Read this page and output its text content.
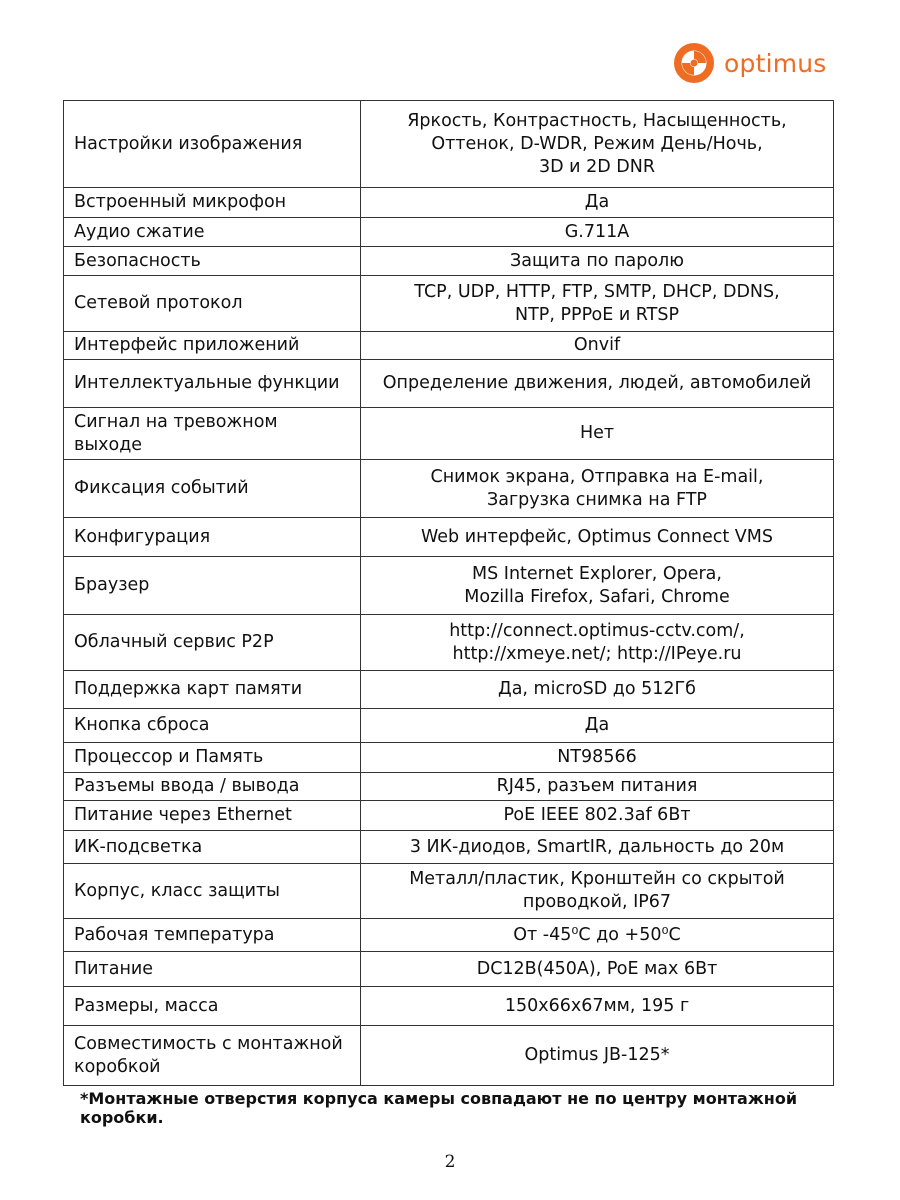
optimus
Настройки изображения	Яркость, Контрастность, Насыщенность,
Оттенок, D-WDR, Режим День/Ночь,
3D и 2D DNR

Встроенный микрофон	Да

Аудио сжатие	G.711A

Безопасность	Защита по паролю

Сетевой протокол	TCP, UDP, HTTP, FTP, SMTP, DHCP, DDNS,
NTP, PPPoE и RTSP

Интерфейс приложений	Onvif

Интеллектуальные функции	Определение движения, людей, автомобилей

Сигнал на тревожном выходе	Нет

Фиксация событий	Снимок экрана, Отправка на E-mail,
Загрузка снимка на FTP

Конфигурация	Web интерфейс, Optimus Connect VMS

Браузер	MS Internet Explorer, Opera,
Mozilla Firefox, Safari, Chrome

Облачный сервис P2P	http://connect.optimus-cctv.com/,
http://xmeye.net/; http://IPeye.ru

Поддержка карт памяти	Да, microSD до 512Гб

Кнопка сброса	Да

Процессор и Память	NT98566

Разъемы ввода / вывода	RJ45, разъем питания

Питание через Ethernet	PoE IEEE 802.3af 6Вт

ИК-подсветка	3 ИК-диодов, SmartIR, дальность до 20м

Корпус, класс защиты	Металл/пластик, Кронштейн со скрытой
проводкой, IP67

Рабочая температура	От -45⁰С до +50⁰С

Питание	DC12В(450A), PoE мах 6Вт

Размеры, масса	150х66х67мм, 195 г

Совместимость с монтажной коробкой	Optimus JB-125*
*Монтажные отверстия корпуса камеры совпадают не по центру монтажной коробки.
2
